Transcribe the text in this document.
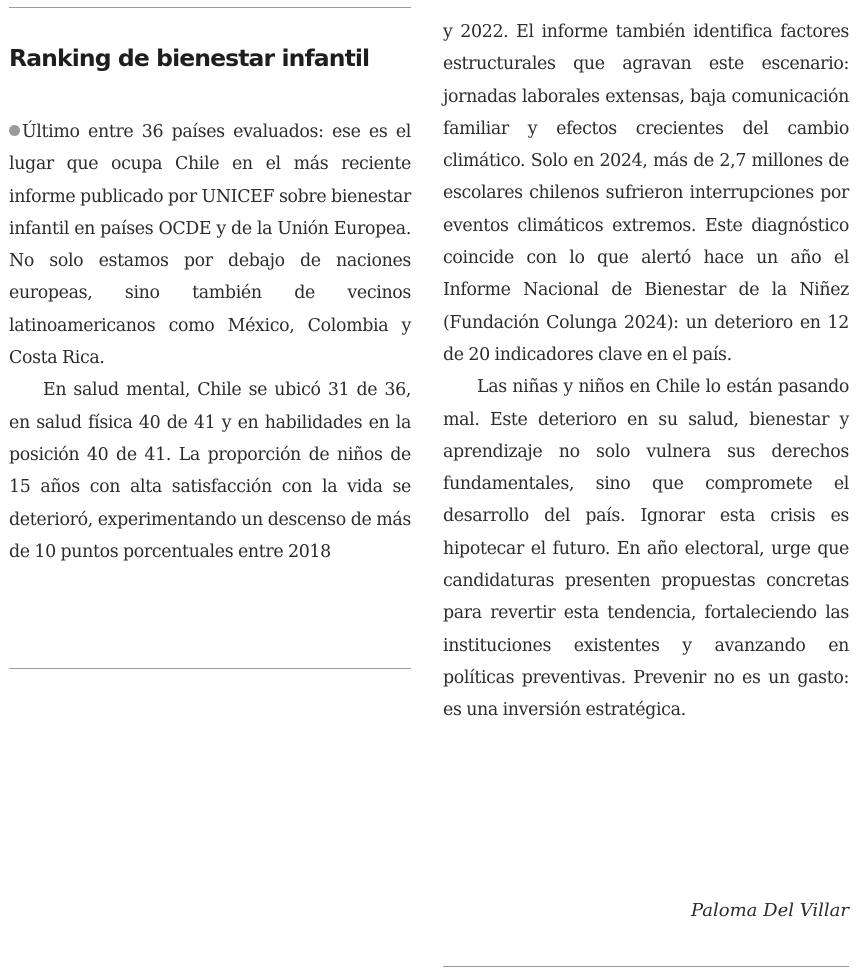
Ranking de bienestar infantil

Último entre 36 países evaluados: ese es el lugar que ocupa Chile en el más reciente informe publicado por UNICEF sobre bienestar infantil en países OCDE y de la Unión Europea. No solo estamos por debajo de naciones europeas, sino también de vecinos latinoamericanos como México, Colombia y Costa Rica.

En salud mental, Chile se ubicó 31 de 36, en salud física 40 de 41 y en habilidades en la posición 40 de 41. La proporción de niños de 15 años con alta satisfacción con la vida se deterioró, experimentando un descenso de más de 10 puntos porcentuales entre 2018

y 2022. El informe también identifica factores estructurales que agravan este escenario: jornadas laborales extensas, baja comunicación familiar y efectos crecientes del cambio climático. Solo en 2024, más de 2,7 millones de escolares chilenos sufrieron interrupciones por eventos climáticos extremos. Este diagnóstico coincide con lo que alertó hace un año el Informe Nacional de Bienestar de la Niñez (Fundación Colunga 2024): un deterioro en 12 de 20 indicadores clave en el país.

Las niñas y niños en Chile lo están pasando mal. Este deterioro en su salud, bienestar y aprendizaje no solo vulnera sus derechos fundamentales, sino que compromete el desarrollo del país. Ignorar esta crisis es hipotecar el futuro. En año electoral, urge que candidaturas presenten propuestas concretas para revertir esta tendencia, fortaleciendo las instituciones existentes y avanzando en políticas preventivas. Prevenir no es un gasto: es una inversión estratégica.

Paloma Del Villar
